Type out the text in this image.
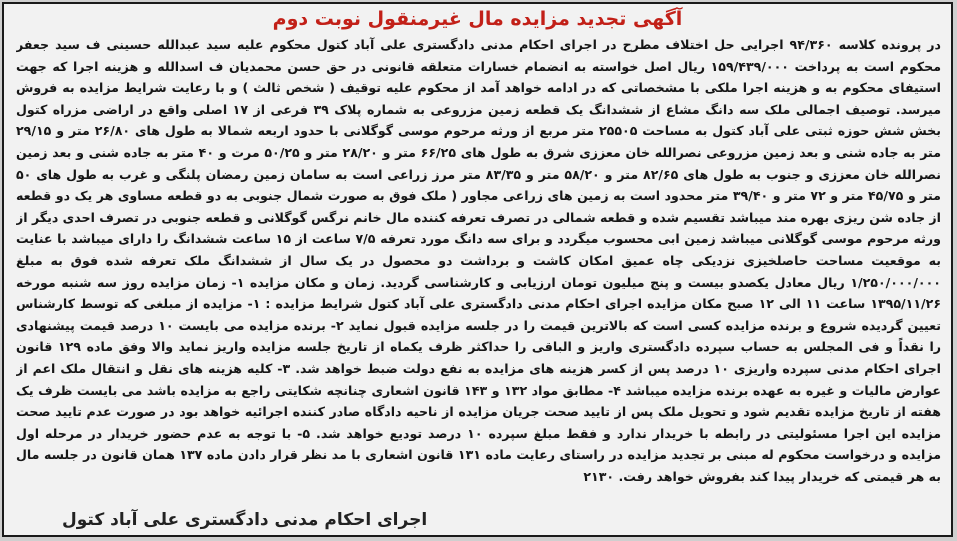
آگهی تجدید مزایده مال غیرمنقول نوبت دوم
در پرونده کلاسه ۹۴/۳۶۰ اجرایی حل اختلاف مطرح در اجرای احکام مدنی دادگستری علی آباد کتول محکوم علیه سید عبدالله حسینی ف سید جعفر محکوم است به پرداخت ۱۵۹/۴۳۹/۰۰۰ ریال اصل خواسته به انضمام خسارات متعلقه قانونی در حق حسن محمدیان ف اسدالله و هزینه اجرا که جهت استیفای محکوم به و هزینه اجرا ملکی با مشخصاتی که در ادامه خواهد آمد از محکوم علیه توقیف ( شخص ثالث ) و با رعایت شرایط مزایده به فروش میرسد. توصیف اجمالی ملک سه دانگ مشاع از ششدانگ یک قطعه زمین مزروعی به شماره پلاک ۳۹ فرعی از ۱۷ اصلی واقع در اراضی مزراه کتول بخش شش حوزه ثبتی علی آباد کتول به مساحت ۲۵۵۰۵ متر مربع از ورثه مرحوم موسی گوگلانی با حدود اربعه شمالا به طول های ۲۶/۸۰ متر و ۲۹/۱۵ متر به جاده شنی و بعد زمین مزروعی نصرالله خان معززی شرق به طول های ۶۶/۲۵ متر و ۲۸/۲۰ متر و ۵۰/۲۵ مرت و ۴۰ متر به جاده شنی و بعد زمین نصرالله خان معززی و جنوب به طول های ۸۲/۶۵ متر و ۵۸/۲۰ متر و ۸۳/۳۵ متر مرز زراعی است به سامان زمین رمضان پلنگی و غرب به طول های ۵۰ متر و ۴۵/۷۵ متر و ۷۲ متر و ۳۹/۴۰ متر محدود است به زمین های زراعی مجاور ( ملک فوق به صورت شمال جنوبی به دو قطعه مساوی هر یک دو قطعه از جاده شن ریزی بهره مند میباشد تقسیم شده و قطعه شمالی در تصرف تعرفه کننده مال خانم نرگس گوگلانی و قطعه جنوبی در تصرف احدی دیگر از ورثه مرحوم موسی گوگلانی میباشد زمین ابی محسوب میگردد و برای سه دانگ مورد تعرفه ۷/۵ ساعت از ۱۵ ساعت ششدانگ را دارای میباشد با عنایت به موقعیت مساحت حاصلخیزی نزدیکی چاه عمیق امکان کاشت و برداشت دو محصول در یک سال از ششدانگ ملک تعرفه شده فوق به مبلغ ۱/۲۵۰/۰۰۰/۰۰۰ ریال معادل یکصدو بیست و پنج میلیون تومان ارزیابی و کارشناسی گردید. زمان و مکان مزایده ۱- زمان مزایده روز سه شنبه مورخه ۱۳۹۵/۱۱/۲۶ ساعت ۱۱ الی ۱۲ صبح مکان مزایده اجرای احکام مدنی دادگستری علی آباد کتول شرایط مزایده : ۱- مزایده از مبلغی که توسط کارشناس تعیین گردیده شروع و برنده مزایده کسی است که بالاترین قیمت را در جلسه مزایده قبول نماید ۲- برنده مزایده می بایست ۱۰ درصد قیمت پیشنهادی را نقداً و فی المجلس به حساب سپرده دادگستری واریز و الباقی را حداکثر ظرف یکماه از تاریخ جلسه مزایده واریز نماید والا وفق ماده ۱۲۹ قانون اجرای احکام مدنی سپرده واریزی ۱۰ درصد پس از کسر هزینه های مزایده به نفع دولت ضبط خواهد شد. ۳- کلیه هزینه های نقل و انتقال ملک اعم از عوارض مالیات و غیره به عهده برنده مزایده میباشد ۴- مطابق مواد ۱۳۲ و ۱۴۳ قانون اشعاری چنانچه شکایتی راجع به مزایده باشد می بایست ظرف یک هفته از تاریخ مزایده تقدیم شود و تحویل ملک پس از تایید صحت جریان مزایده از ناحیه دادگاه صادر کننده اجرائیه خواهد بود در صورت عدم تایید صحت مزایده این اجرا مسئولیتی در رابطه با خریدار ندارد و فقط مبلغ سپرده ۱۰ درصد تودیع خواهد شد. ۵- با توجه به عدم حضور خریدار در مرحله اول مزایده و درخواست محکوم له مبنی بر تجدید مزایده در راستای رعایت ماده ۱۳۱ قانون اشعاری با مد نظر قرار دادن ماده ۱۳۷ همان قانون در جلسه مال به هر قیمتی که خریدار پیدا کند بفروش خواهد رفت. ۲۱۳۰
اجرای احکام مدنی دادگستری علی آباد کتول
